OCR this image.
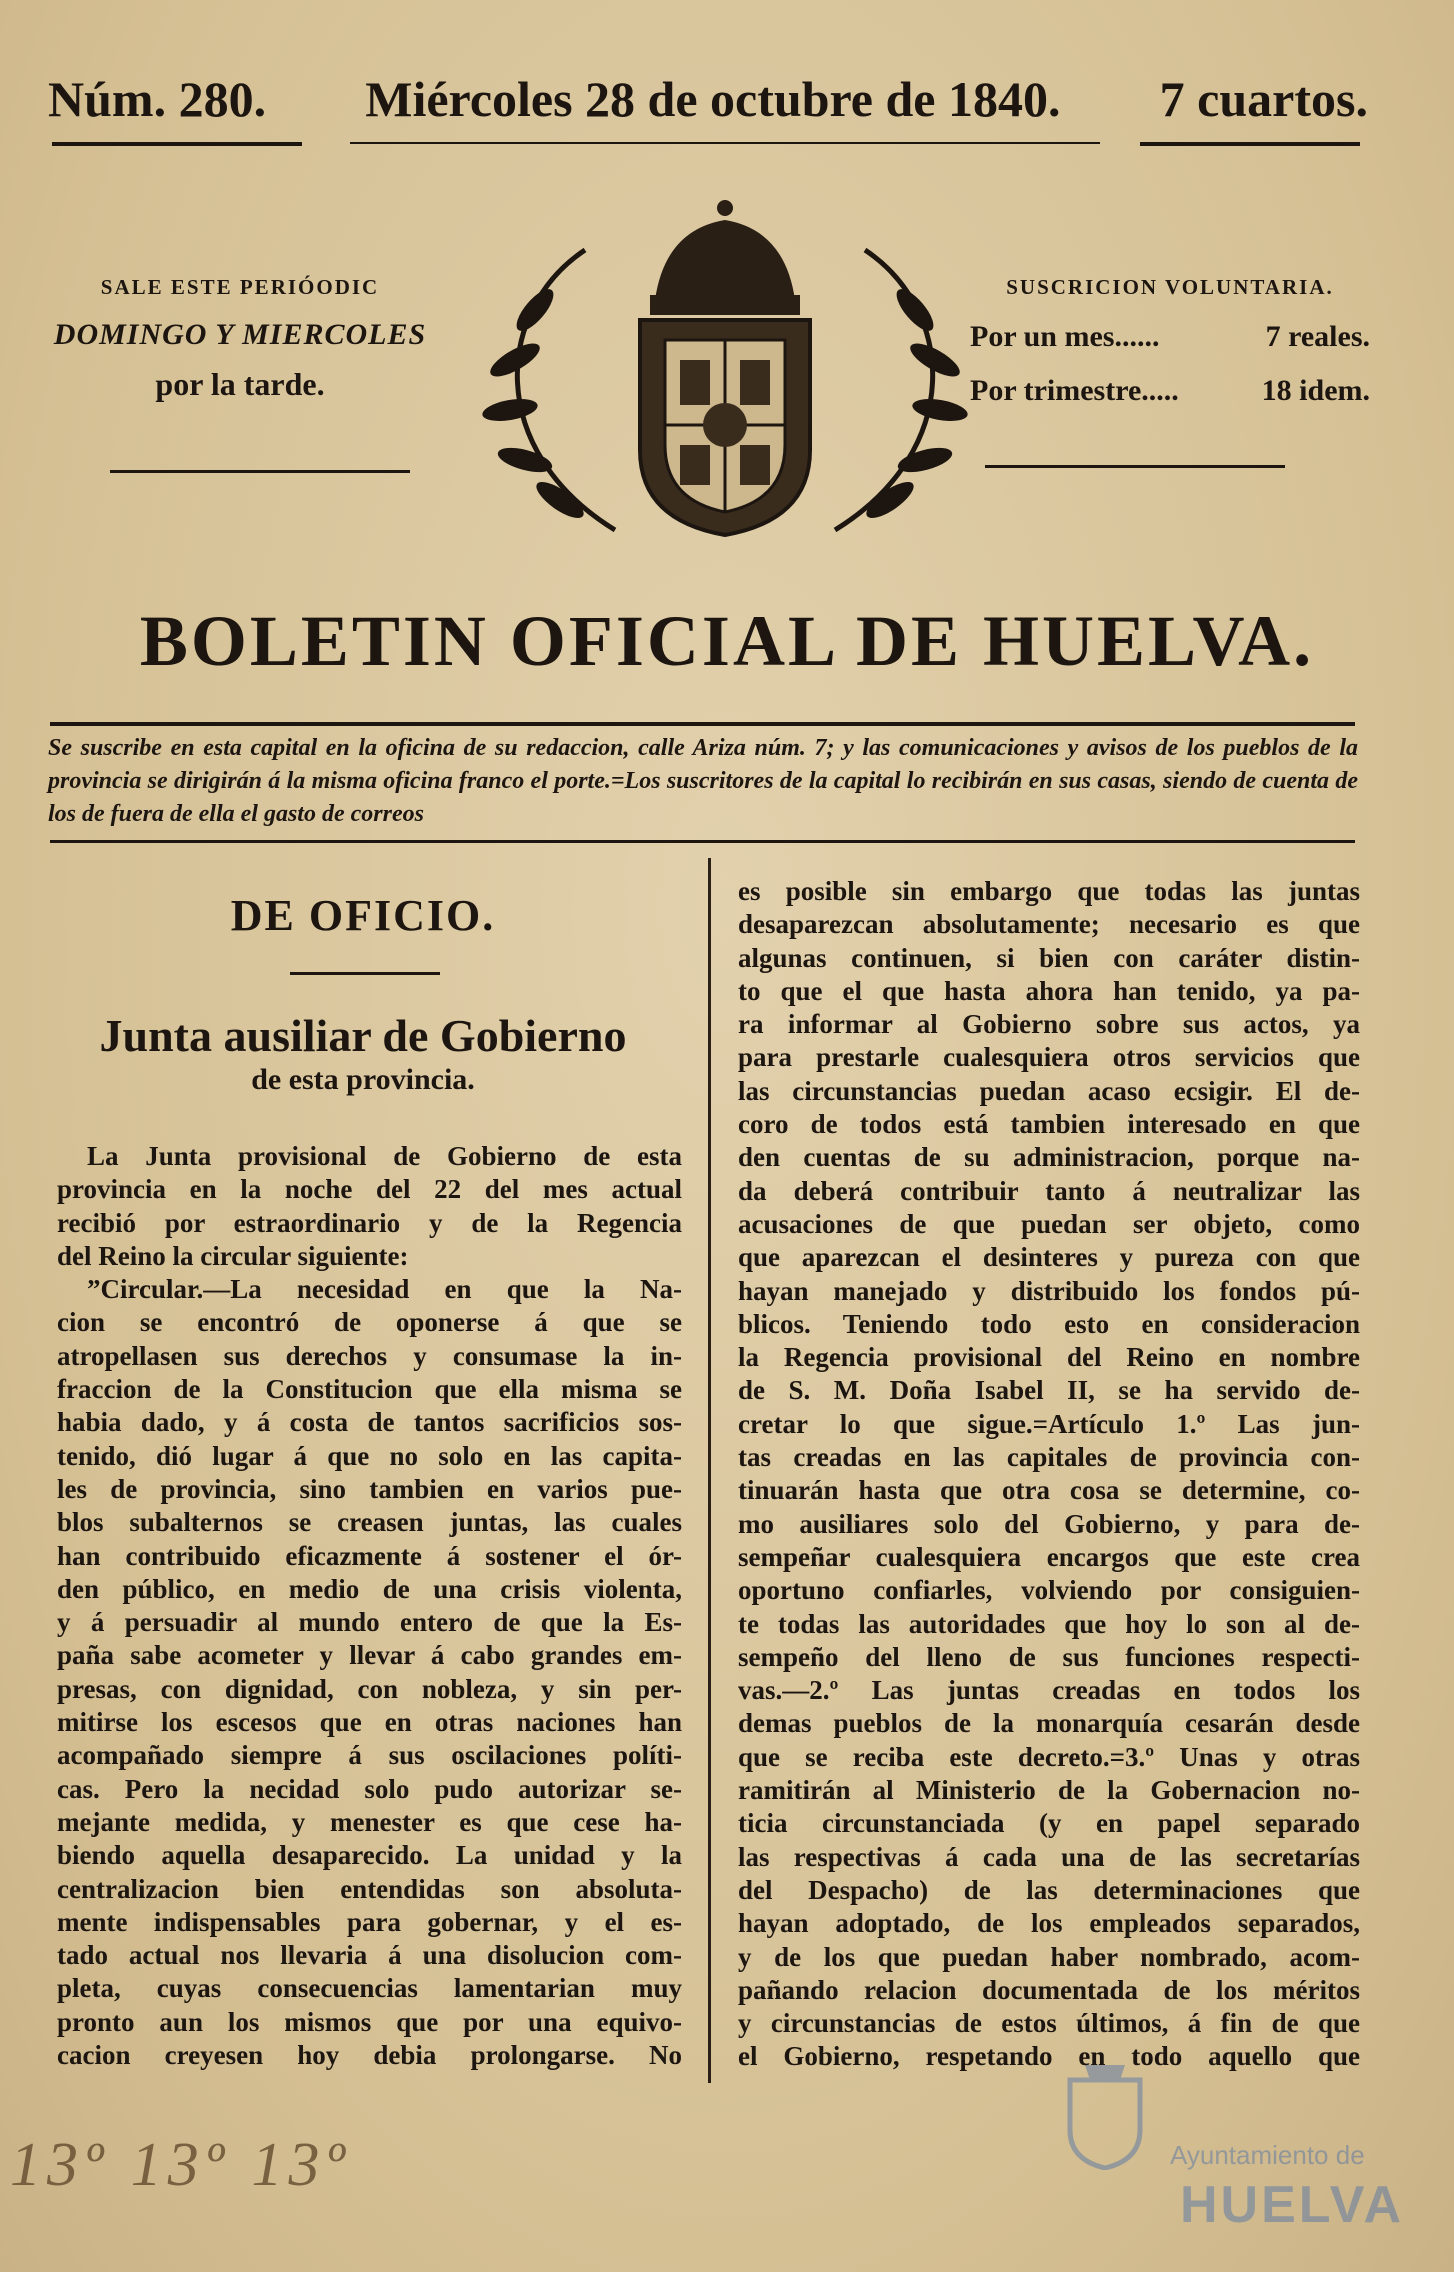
Núm. 280. Miércoles 28 de octubre de 1840. 7 cuartos.
SALE ESTE PERIÓODIC
DOMINGO Y MIERCOLES
por la tarde.
SUSCRICION VOLUNTARIA.
Por un mes......	7 reales.
Por trimestre.....	18 idem.
BOLETIN OFICIAL DE HUELVA.
Se suscribe en esta capital en la oficina de su redaccion, calle Ariza núm. 7; y las comunicaciones y avisos de los pueblos de la provincia se dirigirán á la misma oficina franco el porte.=Los suscritores de la capital lo recibirán en sus casas, siendo de cuenta de los de fuera de ella el gasto de correos
DE OFICIO.
Junta ausiliar de Gobierno
de esta provincia.
La Junta provisional de Gobierno de esta
provincia en la noche del 22 del mes actual
recibió por estraordinario y de la Regencia
del Reino la circular siguiente:
”Circular.—La necesidad en que la Na-
cion se encontró de oponerse á que se
atropellasen sus derechos y consumase la in-
fraccion de la Constitucion que ella misma se
habia dado, y á costa de tantos sacrificios sos-
tenido, dió lugar á que no solo en las capita-
les de provincia, sino tambien en varios pue-
blos subalternos se creasen juntas, las cuales
han contribuido eficazmente á sostener el ór-
den público, en medio de una crisis violenta,
y á persuadir al mundo entero de que la Es-
paña sabe acometer y llevar á cabo grandes em-
presas, con dignidad, con nobleza, y sin per-
mitirse los escesos que en otras naciones han
acompañado siempre á sus oscilaciones políti-
cas. Pero la necidad solo pudo autorizar se-
mejante medida, y menester es que cese ha-
biendo aquella desaparecido. La unidad y la
centralizacion bien entendidas son absoluta-
mente indispensables para gobernar, y el es-
tado actual nos llevaria á una disolucion com-
pleta, cuyas consecuencias lamentarian muy
pronto aun los mismos que por una equivo-
cacion creyesen hoy debia prolongarse. No
es posible sin embargo que todas las juntas
desaparezcan absolutamente; necesario es que
algunas continuen, si bien con caráter distin-
to que el que hasta ahora han tenido, ya pa-
ra informar al Gobierno sobre sus actos, ya
para prestarle cualesquiera otros servicios que
las circunstancias puedan acaso ecsigir. El de-
coro de todos está tambien interesado en que
den cuentas de su administracion, porque na-
da deberá contribuir tanto á neutralizar las
acusaciones de que puedan ser objeto, como
que aparezcan el desinteres y pureza con que
hayan manejado y distribuido los fondos pú-
blicos. Teniendo todo esto en consideracion
la Regencia provisional del Reino en nombre
de S. M. Doña Isabel II, se ha servido de-
cretar lo que sigue.=Artículo 1.º Las jun-
tas creadas en las capitales de provincia con-
tinuarán hasta que otra cosa se determine, co-
mo ausiliares solo del Gobierno, y para de-
sempeñar cualesquiera encargos que este crea
oportuno confiarles, volviendo por consiguien-
te todas las autoridades que hoy lo son al de-
sempeño del lleno de sus funciones respecti-
vas.—2.º Las juntas creadas en todos los
demas pueblos de la monarquía cesarán desde
que se reciba este decreto.=3.º Unas y otras
ramitirán al Ministerio de la Gobernacion no-
ticia circunstanciada (y en papel separado
las respectivas á cada una de las secretarías
del Despacho) de las determinaciones que
hayan adoptado, de los empleados separados,
y de los que puedan haber nombrado, acom-
pañando relacion documentada de los méritos
y circunstancias de estos últimos, á fin de que
el Gobierno, respetando en todo aquello que
13º 13º 13º	Ayuntamiento de
HUELVA
